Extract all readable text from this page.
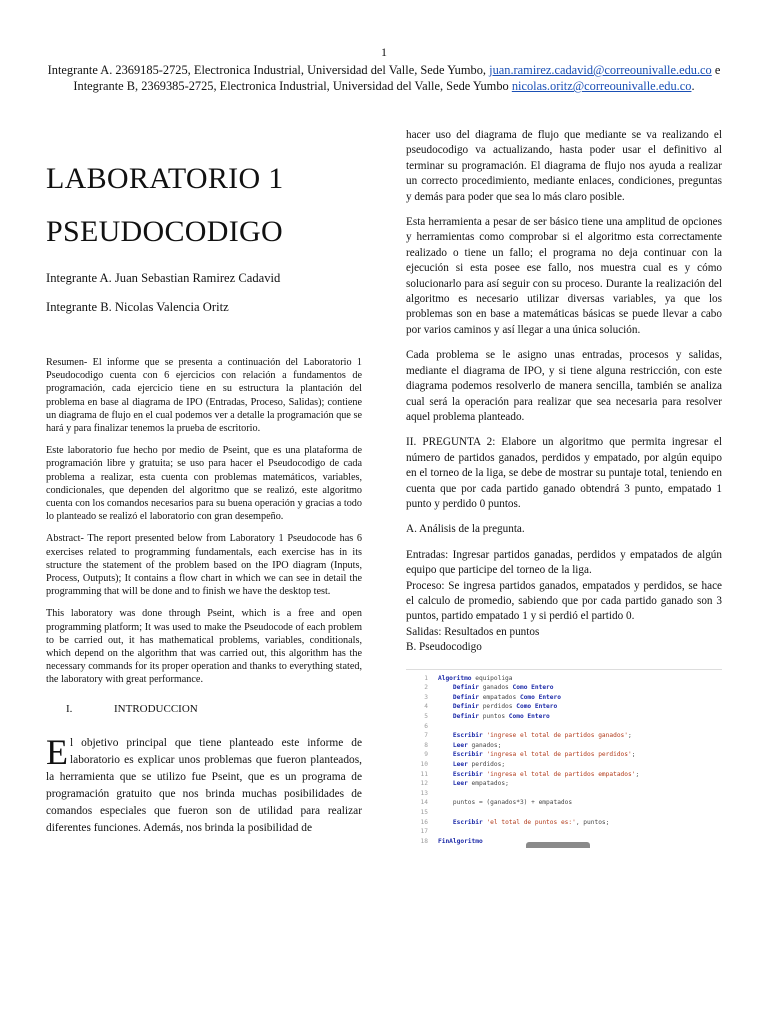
1
Integrante A. 2369185-2725, Electronica Industrial, Universidad del Valle, Sede Yumbo, juan.ramirez.cadavid@correounivalle.edu.co e Integrante B, 2369385-2725, Electronica Industrial, Universidad del Valle, Sede Yumbo nicolas.oritz@correounivalle.edu.co.
LABORATORIO 1
PSEUDOCODIGO
Integrante A. Juan Sebastian Ramirez Cadavid
Integrante B. Nicolas Valencia Oritz

Resumen- El informe que se presenta a continuación del Laboratorio 1 Pseudocodigo cuenta con 6 ejercicios con relación a fundamentos de programación, cada ejercicio tiene en su estructura la plantación del problema en base al diagrama de IPO (Entradas, Proceso, Salidas); contiene un diagrama de flujo en el cual podemos ver a detalle la programación que se hará y para finalizar tenemos la prueba de escritorio.

Este laboratorio fue hecho por medio de Pseint, que es una plataforma de programación libre y gratuita; se uso para hacer el Pseudocodigo de cada problema a realizar, esta cuenta con problemas matemáticos, variables, condicionales, que dependen del algoritmo que se realizó, este algoritmo cuenta con los comandos necesarios para su buena operación y gracias a todo lo planteado se realizó el laboratorio con gran desempeño.

Abstract- The report presented below from Laboratory 1 Pseudocode has 6 exercises related to programming fundamentals, each exercise has in its structure the statement of the problem based on the IPO diagram (Inputs, Process, Outputs); It contains a flow chart in which we can see in detail the programming that will be done and to finish we have the desktop test.

This laboratory was done through Pseint, which is a free and open programming platform; It was used to make the Pseudocode of each problem to be carried out, it has mathematical problems, variables, conditionals, which depend on the algorithm that was carried out, this algorithm has the necessary commands for its proper operation and thanks to everything stated, the laboratory with great performance.

I.	INTRODUCCION

El objetivo principal que tiene planteado este informe de laboratorio es explicar unos problemas que fueron planteados, la herramienta que se utilizo fue Pseint, que es un programa de programación gratuito que nos brinda muchas posibilidades de comandos especiales que fueron son de utilidad para realizar diferentes funciones. Además, nos brinda la posibilidad de

hacer uso del diagrama de flujo que mediante se va realizando el pseudocodigo va actualizando, hasta poder usar el definitivo al terminar su programación. El diagrama de flujo nos ayuda a realizar un correcto procedimiento, mediante enlaces, condiciones, preguntas y demás para poder que sea lo más claro posible.

Esta herramienta a pesar de ser básico tiene una amplitud de opciones y herramientas como comprobar si el algoritmo esta correctamente realizado o tiene un fallo; el programa no deja continuar con la ejecución si esta posee ese fallo, nos muestra cual es y cómo solucionarlo para así seguir con su proceso. Durante la realización del algoritmo es necesario utilizar diversas variables, ya que los problemas son en base a matemáticas básicas se puede llevar a cabo por varios caminos y así llegar a una única solución.

Cada problema se le asigno unas entradas, procesos y salidas, mediante el diagrama de IPO, y si tiene alguna restricción, con este diagrama podemos resolverlo de manera sencilla, también se analiza cual será la operación para realizar que sea necesaria para resolver aquel problema planteado.

II. PREGUNTA 2: Elabore un algoritmo que permita ingresar el número de partidos ganados, perdidos y empatado, por algún equipo en el torneo de la liga, se debe de mostrar su puntaje total, teniendo en cuenta que por cada partido ganado obtendrá 3 punto, empatado 1 punto y perdido 0 puntos.

A. Análisis de la pregunta.

Entradas: Ingresar partidos ganadas, perdidos y empatados de algún equipo que participe del torneo de la liga.

Proceso: Se ingresa partidos ganados, empatados y perdidos, se hace el calculo de promedio, sabiendo que por cada partido ganado son 3 puntos, partido empatado 1 y si perdió el partido 0.

Salidas: Resultados en puntos

B. Pseudocodigo

1	Algoritmo equipoliga
2	Definir ganados Como Entero
3	Definir empatados Como Entero
4	Definir perdidos Como Entero
5	Definir puntos Como Entero
6
7	Escribir 'ingrese el total de partidos ganados';
8	Leer ganados;
9	Escribir 'ingresa el total de partidos perdidos';
10	Leer perdidos;
11	Escribir 'ingresa el total de partidos empatados';
12	Leer empatados;
13
14	puntos = (ganados*3) + empatados
15
16	Escribir 'el total de puntos es:', puntos;
17
18	FinAlgoritmo
